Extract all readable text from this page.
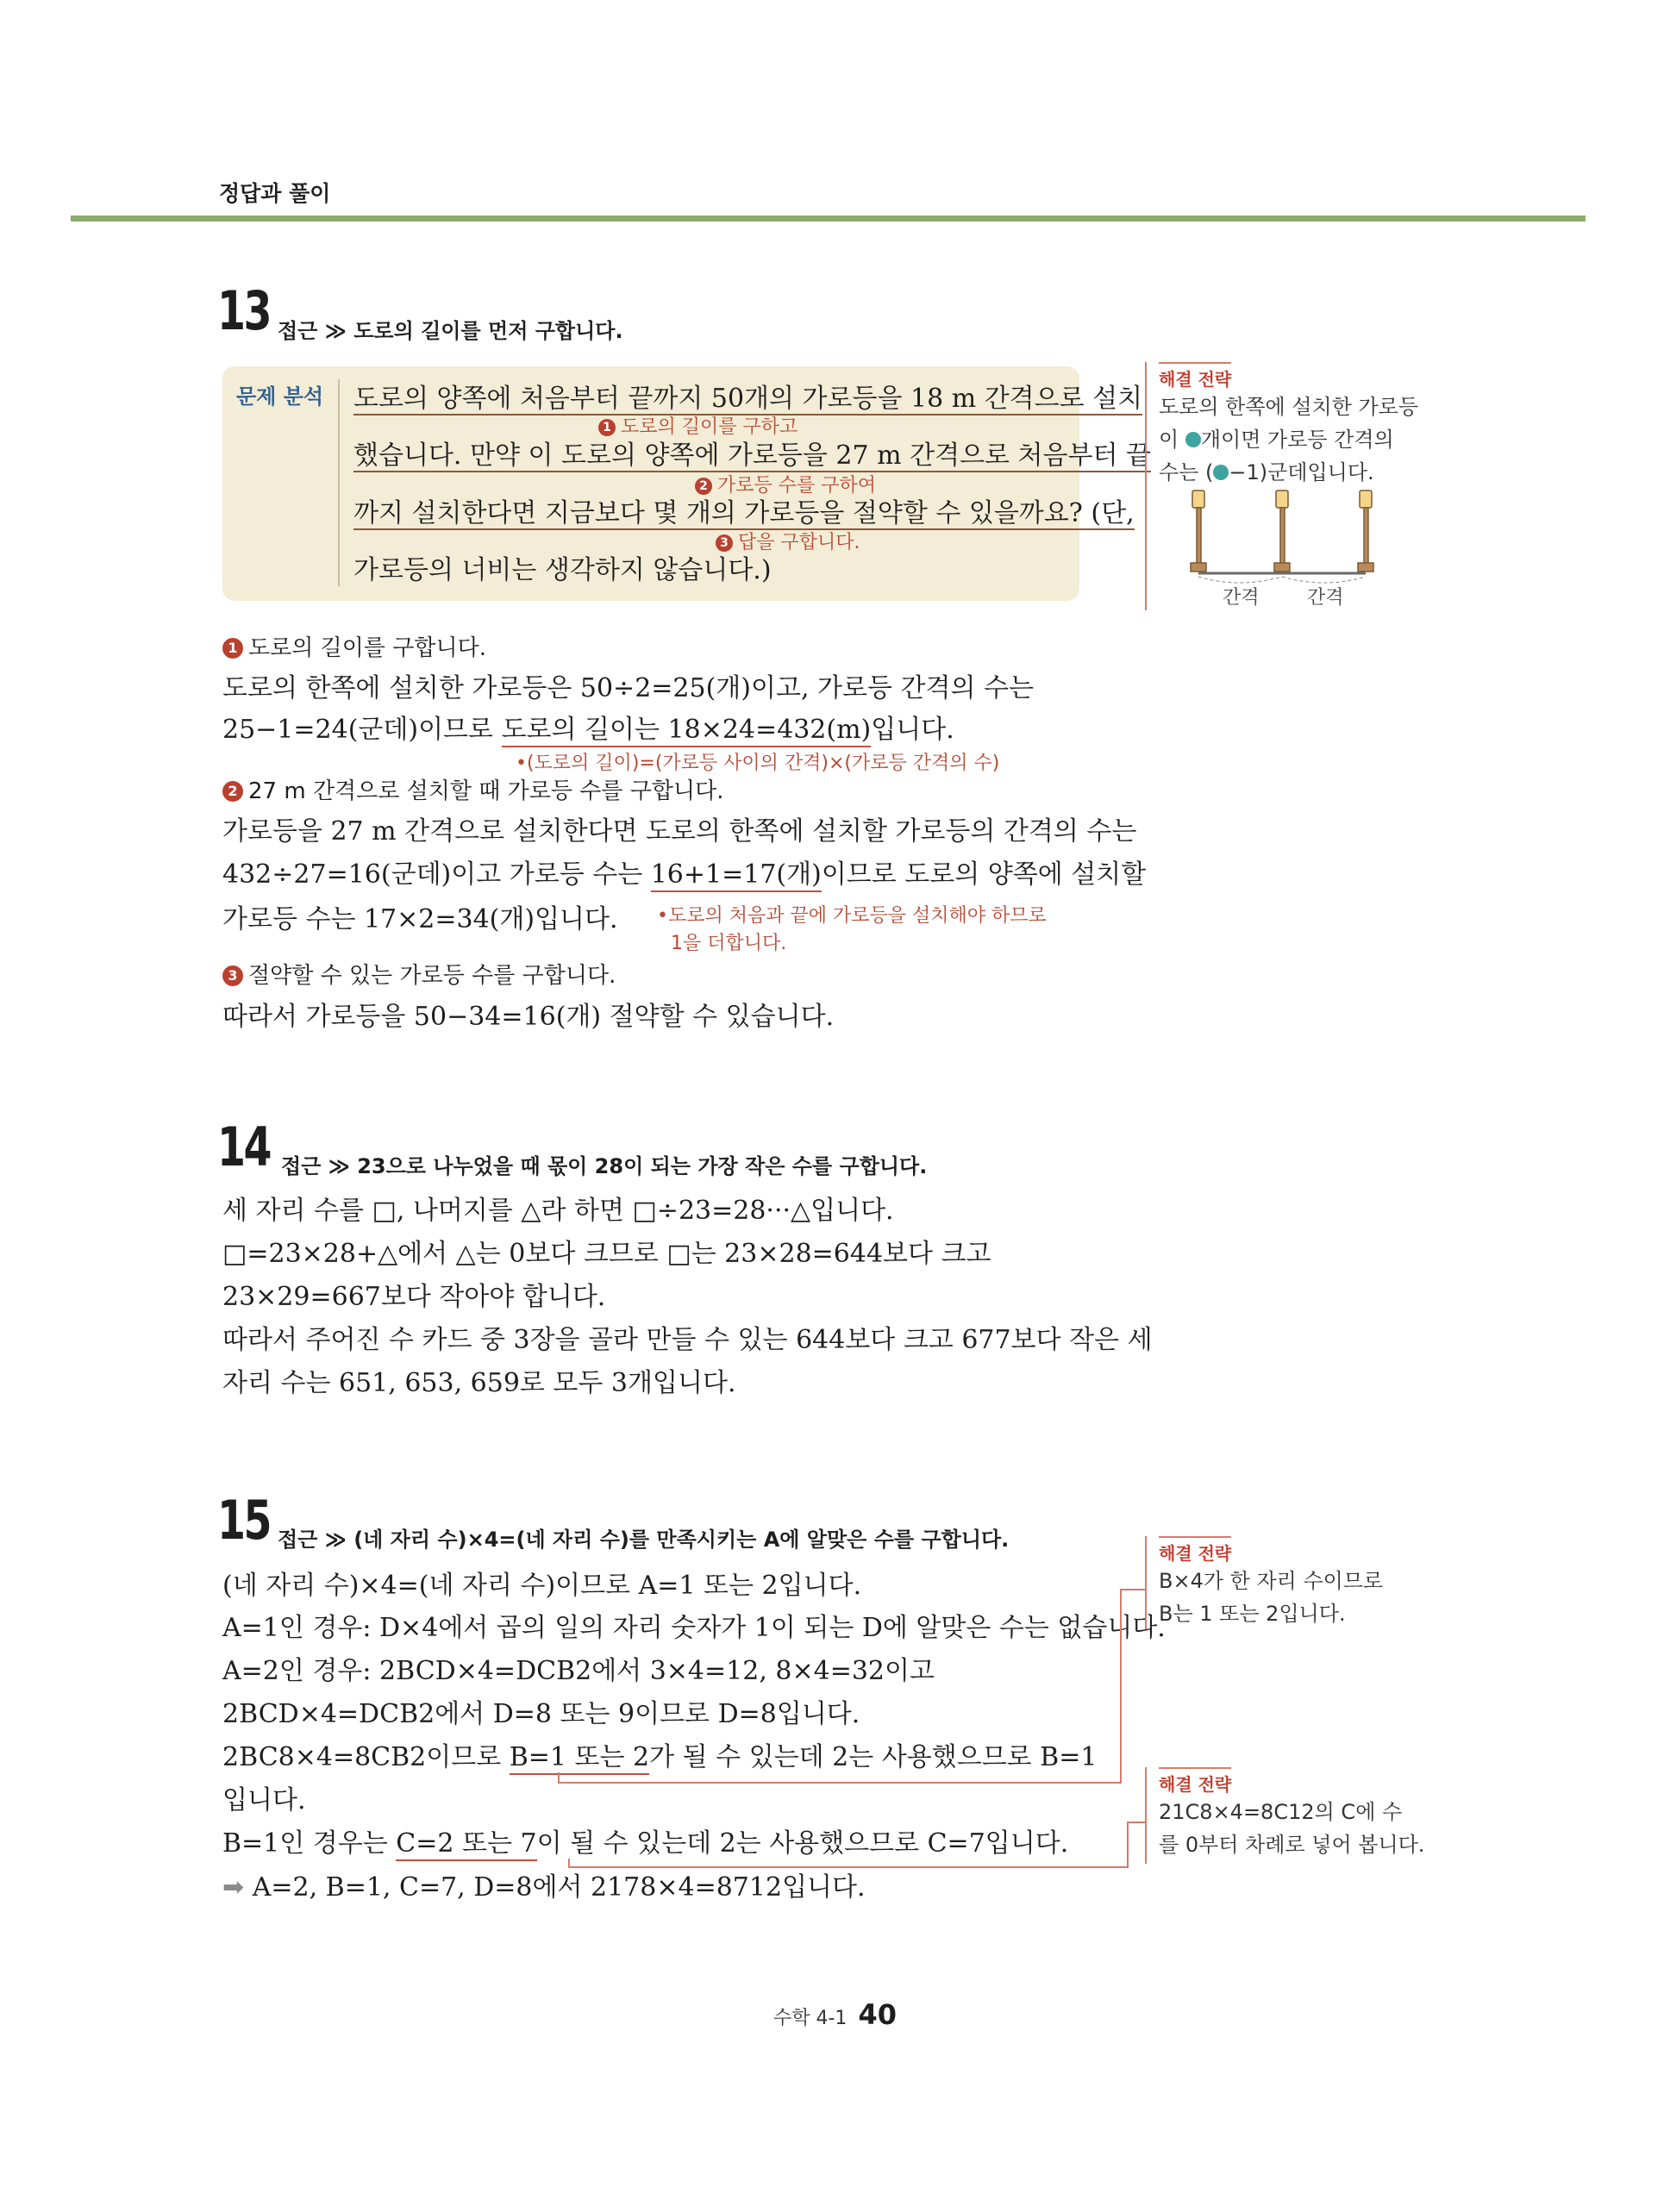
정답과 풀이
13 접근 ≫ 도로의 길이를 먼저 구합니다.
문제 분석 도로의 양쪽에 처음부터 끝까지 50개의 가로등을 18 m 간격으로 설치
1 도로의 길이를 구하고
했습니다. 만약 이 도로의 양쪽에 가로등을 27 m 간격으로 처음부터 끝
2 가로등 수를 구하여
까지 설치한다면 지금보다 몇 개의 가로등을 절약할 수 있을까요? (단,
3 답을 구합니다.
가로등의 너비는 생각하지 않습니다.)
해결 전략
도로의 한쪽에 설치한 가로등
이 개이면 가로등 간격의
수는 ( −1)군데입니다.
간격	간격
1 도로의 길이를 구합니다.
도로의 한쪽에 설치한 가로등은 50÷2=25(개)이고, 가로등 간격의 수는
25−1=24(군데)이므로 도로의 길이는 18×24=432(m)입니다.
•(도로의 길이)=(가로등 사이의 간격)×(가로등 간격의 수)
2 27 m 간격으로 설치할 때 가로등 수를 구합니다.
가로등을 27 m 간격으로 설치한다면 도로의 한쪽에 설치할 가로등의 간격의 수는
432÷27=16(군데)이고 가로등 수는 16+1=17(개)이므로 도로의 양쪽에 설치할
가로등 수는 17×2=34(개)입니다. •도로의 처음과 끝에 가로등을 설치해야 하므로
1을 더합니다.
3 절약할 수 있는 가로등 수를 구합니다.
따라서 가로등을 50−34=16(개) 절약할 수 있습니다.
14 접근 ≫ 23으로 나누었을 때 몫이 28이 되는 가장 작은 수를 구합니다.
세 자리 수를 □, 나머지를 △라 하면 □÷23=28···△입니다.
□=23×28+△에서 △는 0보다 크므로 □는 23×28=644보다 크고
23×29=667보다 작아야 합니다.
따라서 주어진 수 카드 중 3장을 골라 만들 수 있는 644보다 크고 677보다 작은 세
자리 수는 651, 653, 659로 모두 3개입니다.
15 접근 ≫ (네 자리 수)×4=(네 자리 수)를 만족시키는 A에 알맞은 수를 구합니다.
(네 자리 수)×4=(네 자리 수)이므로 A=1 또는 2입니다.
A=1인 경우: D×4에서 곱의 일의 자리 숫자가 1이 되는 D에 알맞은 수는 없습니다.
A=2인 경우: 2BCD×4=DCB2에서 3×4=12, 8×4=32이고
2BCD×4=DCB2에서 D=8 또는 9이므로 D=8입니다.
2BC8×4=8CB2이므로 B=1 또는 2가 될 수 있는데 2는 사용했으므로 B=1
입니다.
B=1인 경우는 C=2 또는 7이 될 수 있는데 2는 사용했으므로 C=7입니다.
➡ A=2, B=1, C=7, D=8에서 2178×4=8712입니다.
해결 전략
B×4가 한 자리 수이므로
B는 1 또는 2입니다.
해결 전략
21C8×4=8C12의 C에 수
를 0부터 차례로 넣어 봅니다.
수학 4-1 40
